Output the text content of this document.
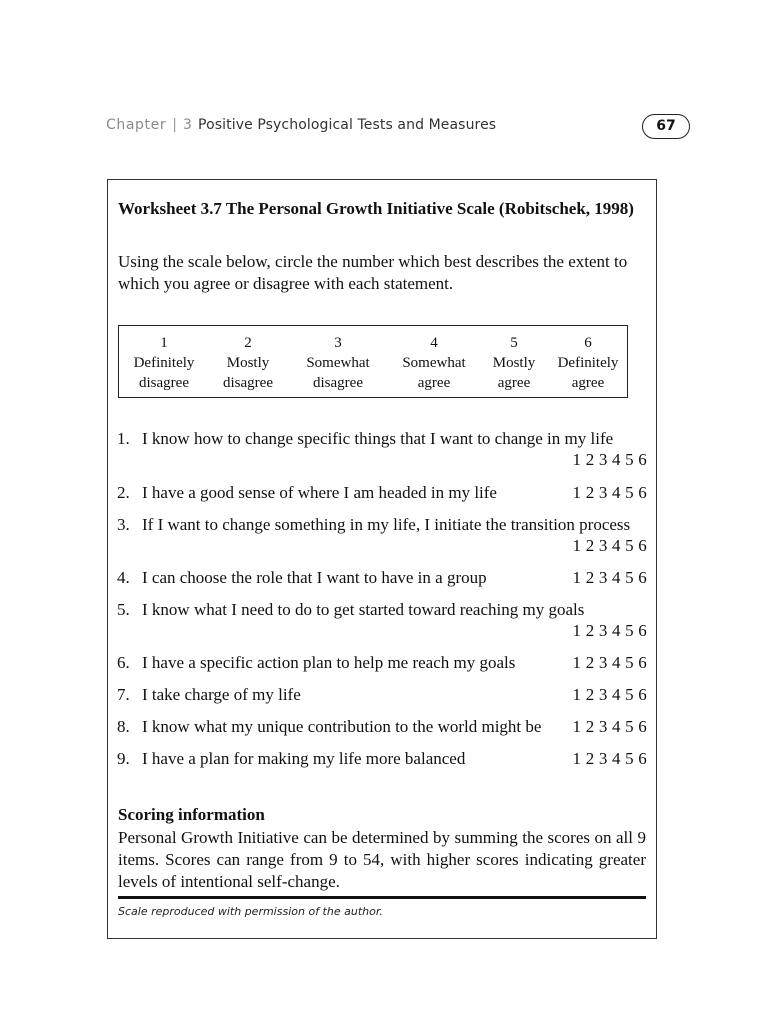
Chapter | 3 Positive Psychological Tests and Measures	67
Worksheet 3.7 The Personal Growth Initiative Scale (Robitschek, 1998)
Using the scale below, circle the number which best describes the extent to which you agree or disagree with each statement.
1
Definitely
disagree
2
Mostly
disagree
3
Somewhat
disagree
4
Somewhat
agree
5
Mostly
agree
6
Definitely
agree
1. I know how to change specific things that I want to change in my life
1 2 3 4 5 6
2. I have a good sense of where I am headed in my life	1 2 3 4 5 6
3. If I want to change something in my life, I initiate the transition process
1 2 3 4 5 6
4. I can choose the role that I want to have in a group	1 2 3 4 5 6
5. I know what I need to do to get started toward reaching my goals
1 2 3 4 5 6
6. I have a specific action plan to help me reach my goals	1 2 3 4 5 6
7. I take charge of my life	1 2 3 4 5 6
8. I know what my unique contribution to the world might be	1 2 3 4 5 6
9. I have a plan for making my life more balanced	1 2 3 4 5 6
Scoring information
Personal Growth Initiative can be determined by summing the scores on all 9 items. Scores can range from 9 to 54, with higher scores indicating greater levels of intentional self-change.
Scale reproduced with permission of the author.
